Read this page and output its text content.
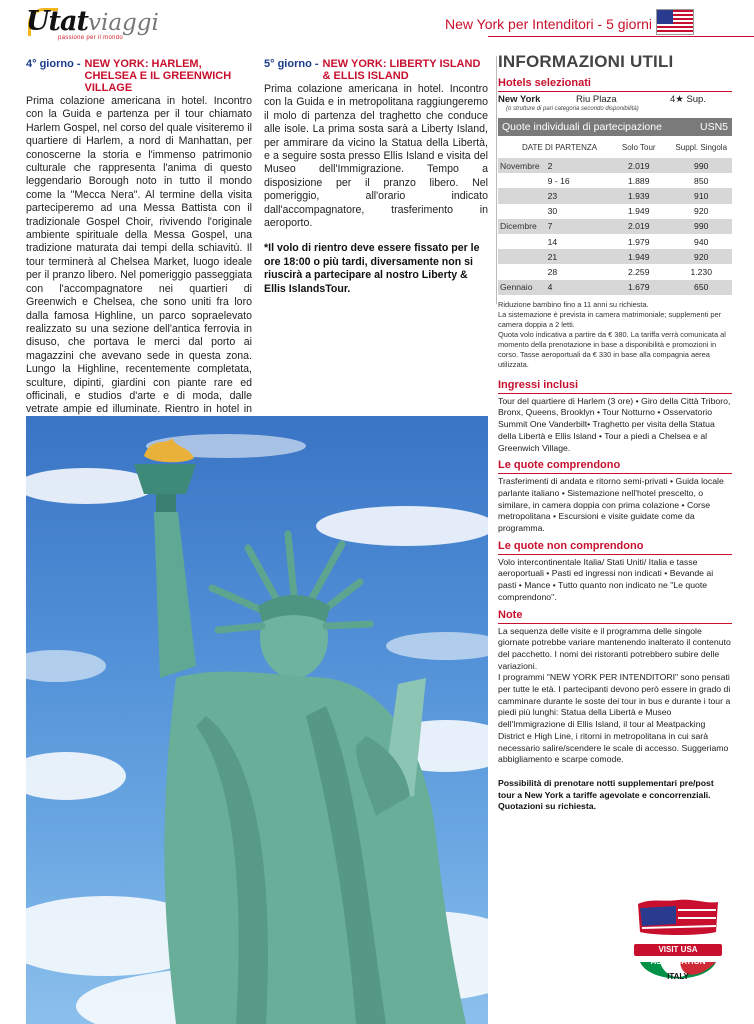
Utatviaggi
passione per il mondo
New York per Intenditori - 5 giorni
4° giorno - NEW YORK: HARLEM, CHELSEA E IL GREENWICH VILLAGE
Prima colazione americana in hotel. Incontro con la Guida e partenza per il tour chiamato Harlem Gospel, nel corso del quale visiteremo il quartiere di Harlem, a nord di Manhattan, per conoscerne la storia e l'immenso patrimonio culturale che rappresenta l'anima di questo leggendario Borough noto in tutto il mondo come la "Mecca Nera". Al termine della visita parteciperemo ad una Messa Battista con il tradizionale Gospel Choir, rivivendo l'originale ambiente spirituale della Messa Gospel, una tradizione maturata dai tempi della schiavitù. Il tour terminerà al Chelsea Market, luogo ideale per il pranzo libero. Nel pomeriggio passeggiata con l'accompagnatore nei quartieri di Greenwich e Chelsea, che sono uniti fra loro dalla famosa Highline, un parco sopraelevato realizzato su una sezione dell'antica ferrovia in disuso, che portava le merci dal porto ai magazzini che avevano sede in questa zona. Lungo la Highline, recentemente completata, sculture, dipinti, giardini con piante rare ed officinali, e studios d'arte e di moda, dalle vetrate ampie ed illuminate. Rientro in hotel in
5° giorno - NEW YORK: LIBERTY ISLAND & ELLIS ISLAND
Prima colazione americana in hotel. Incontro con la Guida e in metropolitana raggiungeremo il molo di partenza del traghetto che conduce alle isole. La prima sosta sarà a Liberty Island, per ammirare da vicino la Statua della Libertà, e a seguire sosta presso Ellis Island e visita del Museo dell'Immigrazione. Tempo a disposizione per il pranzo libero. Nel pomeriggio, all'orario indicato dall'accompagnatore, trasferimento in aeroporto.
*Il volo di rientro deve essere fissato per le ore 18:00 o più tardi, diversamente non si riuscirà a partecipare al nostro Liberty & Ellis IslandsTour.
INFORMAZIONI UTILI
Hotels selezionati
New York	Riu Plaza	4★ Sup.
(o strutture di pari categoria secondo disponibilità)
Quote individuali di partecipazione	USN5
DATE DI PARTENZA		Solo Tour	Suppl. Singola
Novembre	2	2.019	990
	9 - 16	1.889	850
	23	1.939	910
	30	1.949	920
Dicembre	7	2.019	990
	14	1.979	940
	21	1.949	920
	28	2.259	1.230
Gennaio	4	1.679	650

Riduzione bambino fino a 11 anni su richiesta.

La sistemazione è prevista in camera matrimoniale; supplementi per camera doppia a 2 letti.

Quota volo indicativa a partire da € 380. La tariffa verrà comunicata al momento della prenotazione in base a disponibilità e promozioni in corso. Tasse aeroportuali da € 330 in base alla compagnia aerea utilizzata.

Ingressi inclusi
Tour del quartiere di Harlem (3 ore) • Giro della Città Triboro, Bronx, Queens, Brooklyn • Tour Notturno • Osservatorio Summit One Vanderbilt• Traghetto per visita della Statua della Libertà e Ellis Island • Tour a piedi a Chelsea e al Greenwich Village.
Le quote comprendono
Trasferimenti di andata e ritorno semi-privati • Guida locale parlante italiano • Sistemazione nell'hotel prescelto, o similare, in camera doppia con prima colazione • Corse metropolitana • Escursioni e visite guidate come da programma.
Le quote non comprendono
Volo intercontinentale Italia/ Stati Uniti/ Italia e tasse aeroportuali • Pasti ed ingressi non indicati • Bevande ai pasti • Mance • Tutto quanto non indicato ne "Le quote comprendono".
Note
La sequenza delle visite e il programma delle singole giornate potrebbe variare mantenendo inalterato il contenuto del pacchetto. I nomi dei ristoranti potrebbero subire delle variazioni.
I programmi "NEW YORK PER INTENDITORI" sono pensati per tutte le età. I partecipanti devono però essere in grado di camminare durante le soste dei tour in bus e durante i tour a piedi più lunghi: Statua della Libertà e Museo dell'Immigrazione di Ellis Island, il tour al Meatpacking District e High Line, i ritorni in metropolitana in cui sarà necessario salire/scendere le scale di accesso. Suggeriamo abbigliamento e scarpe comode.
Possibilità di prenotare notti supplementari pre/post tour a New York a tariffe agevolate e concorrenziali. Quotazioni su richiesta.
VISIT USA ASSOCIATION
ITALY
